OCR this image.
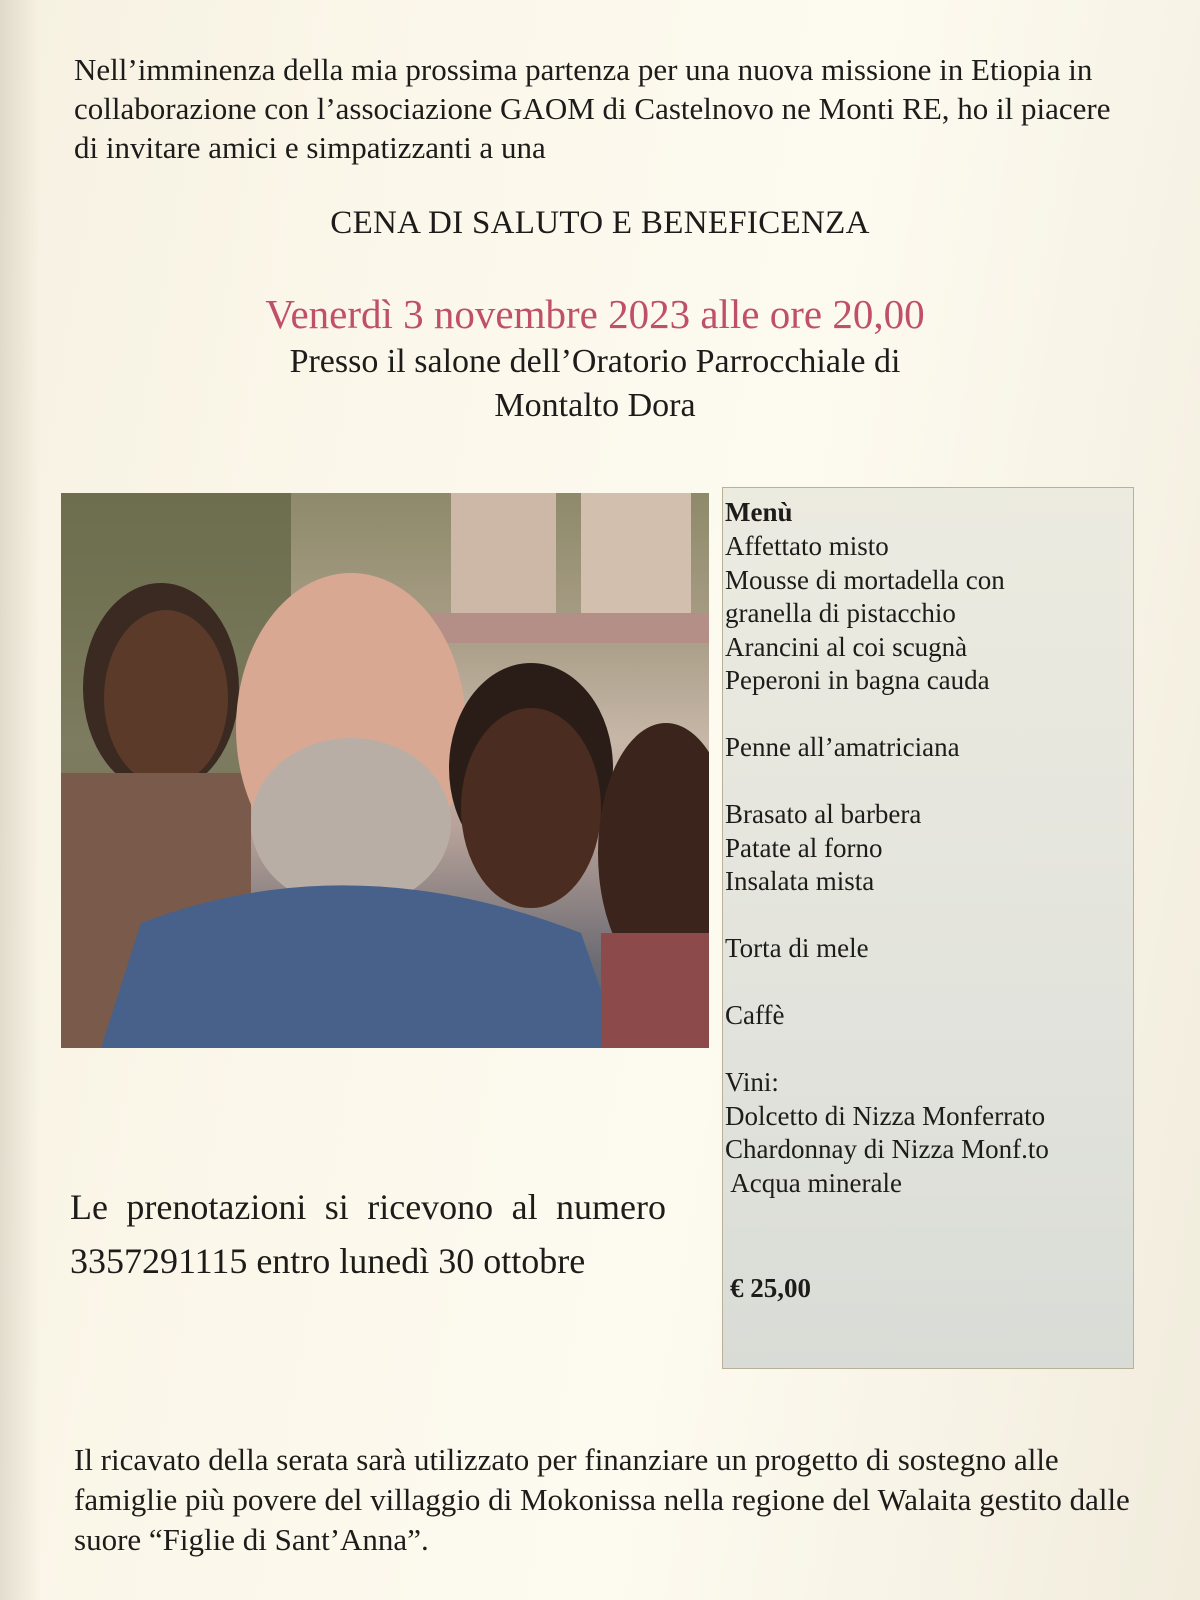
Nell’imminenza della mia prossima partenza per una nuova missione in Etiopia in collaborazione con l’associazione GAOM di Castelnovo ne Monti RE, ho il piacere di invitare amici e simpatizzanti a una

CENA DI SALUTO E BENEFICENZA

Venerdì 3 novembre 2023 alle ore 20,00

Presso il salone dell’Oratorio Parrocchiale di
Montalto Dora

Menù

Affettato misto
Mousse di mortadella con
granella di pistacchio
Arancini al coi scugnà
Peperoni in bagna cauda
Penne all’amatriciana
Brasato al barbera
Patate al forno
Insalata mista
Torta di mele
Caffè
Vini:
Dolcetto di Nizza Monferrato
Chardonnay di Nizza Monf.to
Acqua minerale

€ 25,00

Le prenotazioni si ricevono al numero 3357291115 entro lunedì 30 ottobre

Il ricavato della serata sarà utilizzato per finanziare un progetto di sostegno alle famiglie più povere del villaggio di Mokonissa nella regione del Walaita gestito dalle suore “Figlie di Sant’Anna”.
